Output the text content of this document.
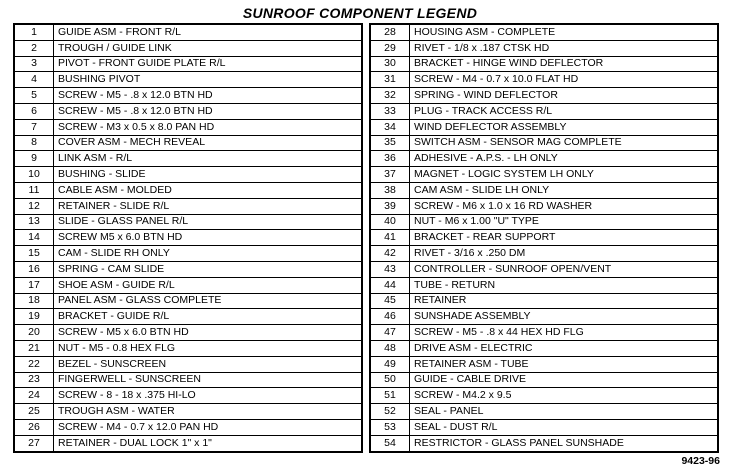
SUNROOF COMPONENT LEGEND
1	GUIDE ASM - FRONT R/L
2	TROUGH / GUIDE LINK
3	PIVOT - FRONT GUIDE PLATE R/L
4	BUSHING PIVOT
5	SCREW - M5 - .8 x 12.0 BTN HD
6	SCREW - M5 - .8 x 12.0 BTN HD
7	SCREW - M3 x 0.5 x 8.0 PAN HD
8	COVER ASM - MECH REVEAL
9	LINK ASM - R/L
10	BUSHING - SLIDE
11	CABLE ASM - MOLDED
12	RETAINER - SLIDE R/L
13	SLIDE - GLASS PANEL R/L
14	SCREW M5 x 6.0 BTN HD
15	CAM - SLIDE RH ONLY
16	SPRING - CAM SLIDE
17	SHOE ASM - GUIDE R/L
18	PANEL ASM - GLASS COMPLETE
19	BRACKET - GUIDE R/L
20	SCREW - M5 x 6.0 BTN HD
21	NUT - M5 - 0.8 HEX FLG
22	BEZEL - SUNSCREEN
23	FINGERWELL - SUNSCREEN
24	SCREW - 8 - 18 x .375 HI-LO
25	TROUGH ASM - WATER
26	SCREW - M4 - 0.7 x 12.0 PAN HD
27	RETAINER - DUAL LOCK 1" x 1"
28	HOUSING ASM - COMPLETE
29	RIVET - 1/8 x .187 CTSK HD
30	BRACKET - HINGE WIND DEFLECTOR
31	SCREW - M4 - 0.7 x 10.0 FLAT HD
32	SPRING - WIND DEFLECTOR
33	PLUG - TRACK ACCESS R/L
34	WIND DEFLECTOR ASSEMBLY
35	SWITCH ASM - SENSOR MAG COMPLETE
36	ADHESIVE - A.P.S. - LH ONLY
37	MAGNET - LOGIC SYSTEM LH ONLY
38	CAM ASM - SLIDE LH ONLY
39	SCREW - M6 x 1.0 x 16 RD WASHER
40	NUT - M6 x 1.00 "U" TYPE
41	BRACKET - REAR SUPPORT
42	RIVET - 3/16 x .250 DM
43	CONTROLLER - SUNROOF OPEN/VENT
44	TUBE - RETURN
45	RETAINER
46	SUNSHADE ASSEMBLY
47	SCREW - M5 - .8 x 44 HEX HD FLG
48	DRIVE ASM - ELECTRIC
49	RETAINER ASM - TUBE
50	GUIDE - CABLE DRIVE
51	SCREW - M4.2 x 9.5
52	SEAL - PANEL
53	SEAL - DUST R/L
54	RESTRICTOR - GLASS PANEL SUNSHADE
9423-96
